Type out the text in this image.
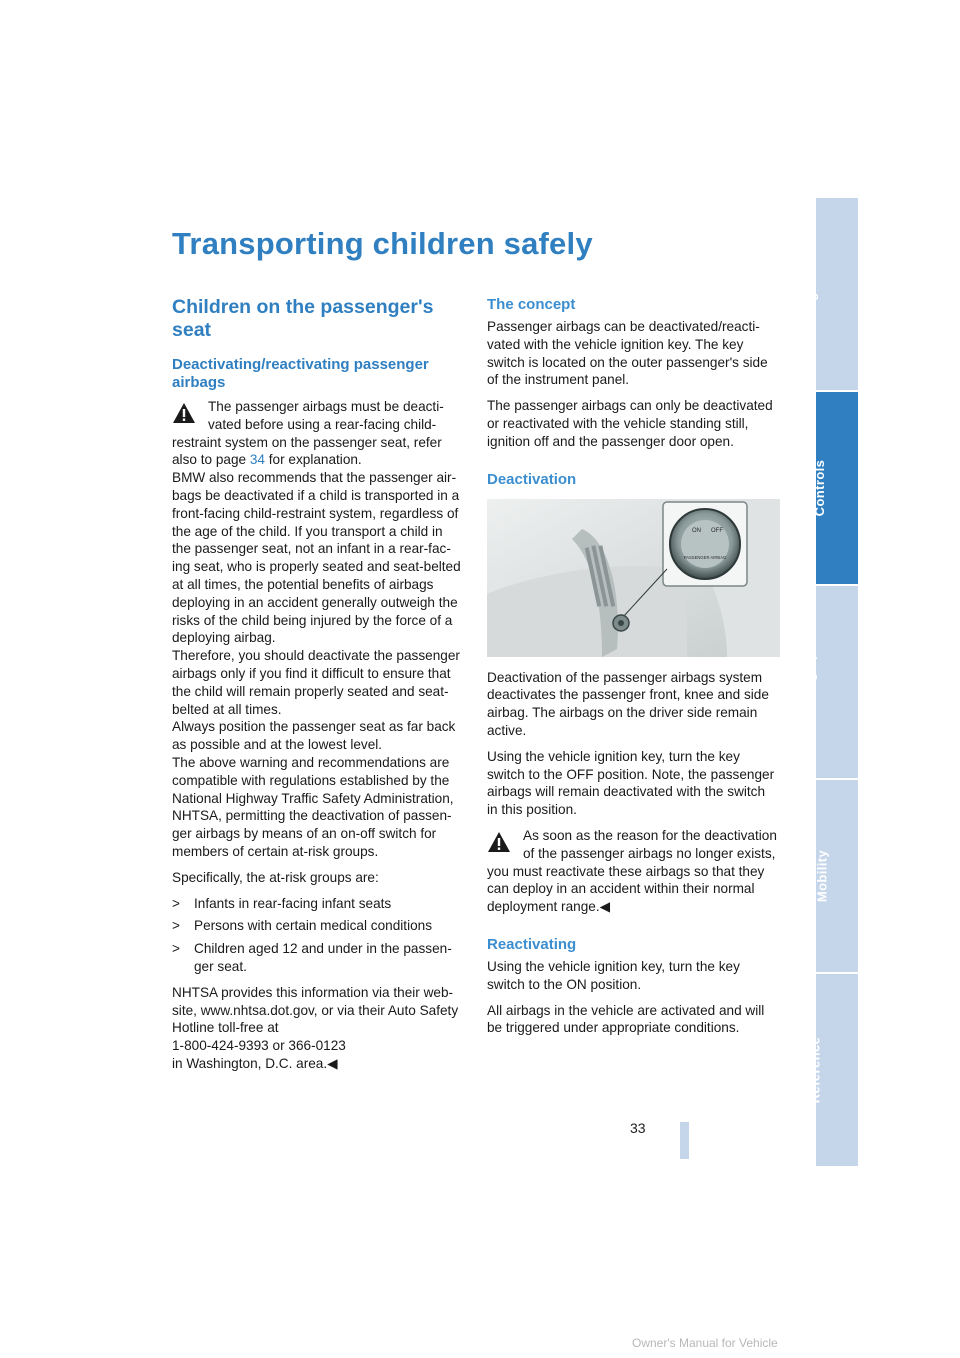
Transporting children safely
Children on the passenger's seat
Deactivating/reactivating passenger airbags
The passenger airbags must be deacti-
vated before using a rear-facing child-

restraint system on the passenger seat, refer also to page 34 for explanation.

BMW also recommends that the passenger airbags be deactivated if a child is transported in a front-facing child-restraint system, regardless of the age of the child. If you transport a child in the passenger seat, not an infant in a rear-facing seat, who is properly seated and seat-belted at all times, the potential benefits of airbags deploying in an accident generally outweigh the risks of the child being injured by the force of a deploying airbag.

Therefore, you should deactivate the passenger airbags only if you find it difficult to ensure that the child will remain properly seated and seat-belted at all times.

Always position the passenger seat as far back as possible and at the lowest level.

The above warning and recommendations are compatible with regulations established by the National Highway Traffic Safety Administration, NHTSA, permitting the deactivation of passenger airbags by means of an on-off switch for members of certain at-risk groups.

Specifically, the at-risk groups are:

> Infants in rear-facing infant seats
> Persons with certain medical conditions
> Children aged 12 and under in the passenger seat.

NHTSA provides this information via their website, www.nhtsa.dot.gov, or via their Auto Safety Hotline toll-free at

1-800-424-9393 or 366-0123

in Washington, D.C. area.◀

The concept

Passenger airbags can be deactivated/reactivated with the vehicle ignition key. The key switch is located on the outer passenger's side of the instrument panel.

The passenger airbags can only be deactivated or reactivated with the vehicle standing still, ignition off and the passenger door open.

Deactivation
ON OFF
PASSENGER AIRBAG

Deactivation of the passenger airbags system deactivates the passenger front, knee and side airbag. The airbags on the driver side remain active.

Using the vehicle ignition key, turn the key switch to the OFF position. Note, the passenger airbags will remain deactivated with the switch in this position.

As soon as the reason for the deactivation
of the passenger airbags no longer exists,

you must reactivate these airbags so that they can deploy in an accident within their normal deployment range.◀

Reactivating

Using the vehicle ignition key, turn the key switch to the ON position.

All airbags in the vehicle are activated and will be triggered under appropriate conditions.

At a glance
Controls
Driving tips
Mobility
Reference
33
Owner's Manual for Vehicle
